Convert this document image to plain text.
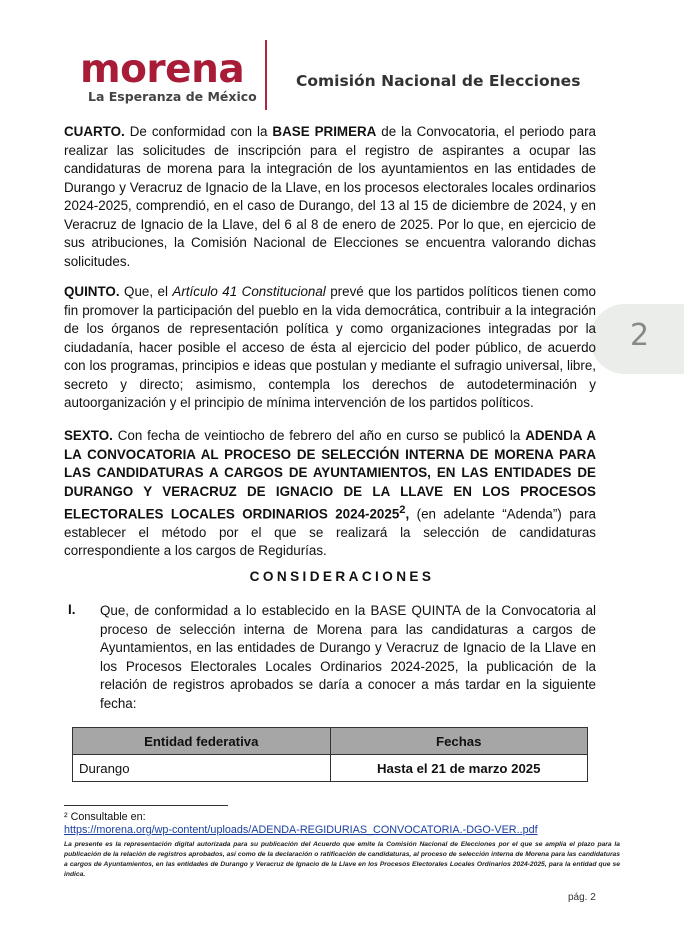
morena
La Esperanza de México
Comisión Nacional de Elecciones
2

CUARTO. De conformidad con la BASE PRIMERA de la Convocatoria, el periodo para realizar las solicitudes de inscripción para el registro de aspirantes a ocupar las candidaturas de morena para la integración de los ayuntamientos en las entidades de Durango y Veracruz de Ignacio de la Llave, en los procesos electorales locales ordinarios 2024-2025, comprendió, en el caso de Durango, del 13 al 15 de diciembre de 2024, y en Veracruz de Ignacio de la Llave, del 6 al 8 de enero de 2025. Por lo que, en ejercicio de sus atribuciones, la Comisión Nacional de Elecciones se encuentra valorando dichas solicitudes.

QUINTO. Que, el Artículo 41 Constitucional prevé que los partidos políticos tienen como fin promover la participación del pueblo en la vida democrática, contribuir a la integración de los órganos de representación política y como organizaciones integradas por la ciudadanía, hacer posible el acceso de ésta al ejercicio del poder público, de acuerdo con los programas, principios e ideas que postulan y mediante el sufragio universal, libre, secreto y directo; asimismo, contempla los derechos de autodeterminación y autoorganización y el principio de mínima intervención de los partidos políticos.

SEXTO. Con fecha de veintiocho de febrero del año en curso se publicó la ADENDA A LA CONVOCATORIA AL PROCESO DE SELECCIÓN INTERNA DE MORENA PARA LAS CANDIDATURAS A CARGOS DE AYUNTAMIENTOS, EN LAS ENTIDADES DE DURANGO Y VERACRUZ DE IGNACIO DE LA LLAVE EN LOS PROCESOS ELECTORALES LOCALES ORDINARIOS 2024-2025$^2$, (en adelante “Adenda”) para establecer el método por el que se realizará la selección de candidaturas correspondiente a los cargos de Regidurías.

CONSIDERACIONES
I. Que, de conformidad a lo establecido en la BASE QUINTA de la Convocatoria al proceso de selección interna de Morena para las candidaturas a cargos de Ayuntamientos, en las entidades de Durango y Veracruz de Ignacio de la Llave en los Procesos Electorales Locales Ordinarios 2024-2025, la publicación de la relación de registros aprobados se daría a conocer a más tardar en la siguiente fecha:

Entidad federativa	Fechas
Durango	Hasta el 21 de marzo 2025
² Consultable en:
https://morena.org/wp-content/uploads/ADENDA-REGIDURIAS_CONVOCATORIA.-DGO-VER..pdf

La presente es la representación digital autorizada para su publicación del Acuerdo que emite la Comisión Nacional de Elecciones por el que se amplía el plazo para la publicación de la relación de registros aprobados, así como de la declaración o ratificación de candidaturas, al proceso de selección interna de Morena para las candidaturas a cargos de Ayuntamientos, en las entidades de Durango y Veracruz de Ignacio de la Llave en los Procesos Electorales Locales Ordinarios 2024-2025, para la entidad que se indica.

pág. 2
